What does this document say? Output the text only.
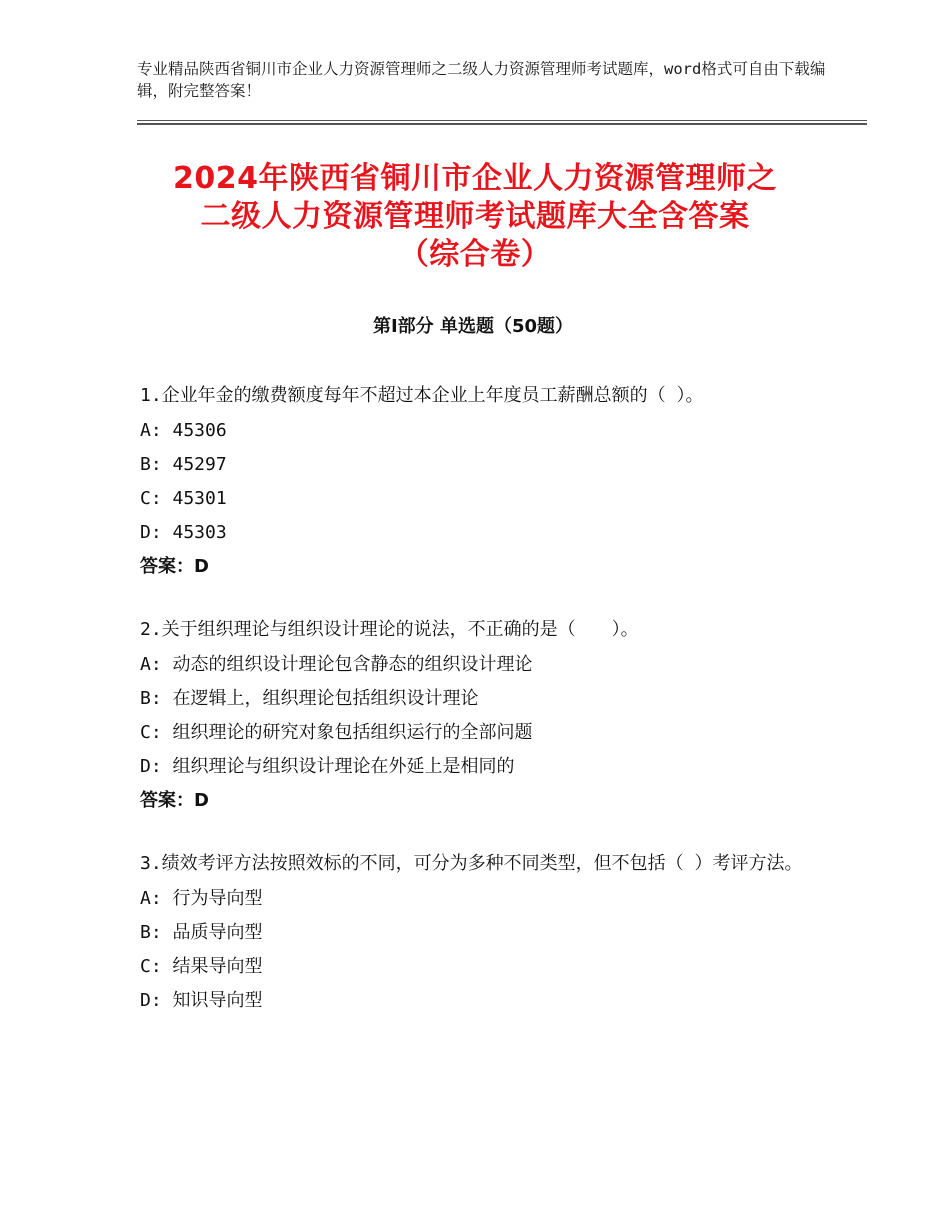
专业精品陕西省铜川市企业人力资源管理师之二级人力资源管理师考试题库，word格式可自由下载编辑，附完整答案！
2024年陕西省铜川市企业人力资源管理师之
二级人力资源管理师考试题库大全含答案
（综合卷）
第Ⅰ部分 单选题（50题）
1.企业年金的缴费额度每年不超过本企业上年度员工薪酬总额的（ ）。
A: 45306
B: 45297
C: 45301
D: 45303
答案：D
2.关于组织理论与组织设计理论的说法，不正确的是（　　）。
A: 动态的组织设计理论包含静态的组织设计理论
B: 在逻辑上，组织理论包括组织设计理论
C: 组织理论的研究对象包括组织运行的全部问题
D: 组织理论与组织设计理论在外延上是相同的
答案：D
3.绩效考评方法按照效标的不同，可分为多种不同类型，但不包括（ ）考评方法。
A: 行为导向型
B: 品质导向型
C: 结果导向型
D: 知识导向型
